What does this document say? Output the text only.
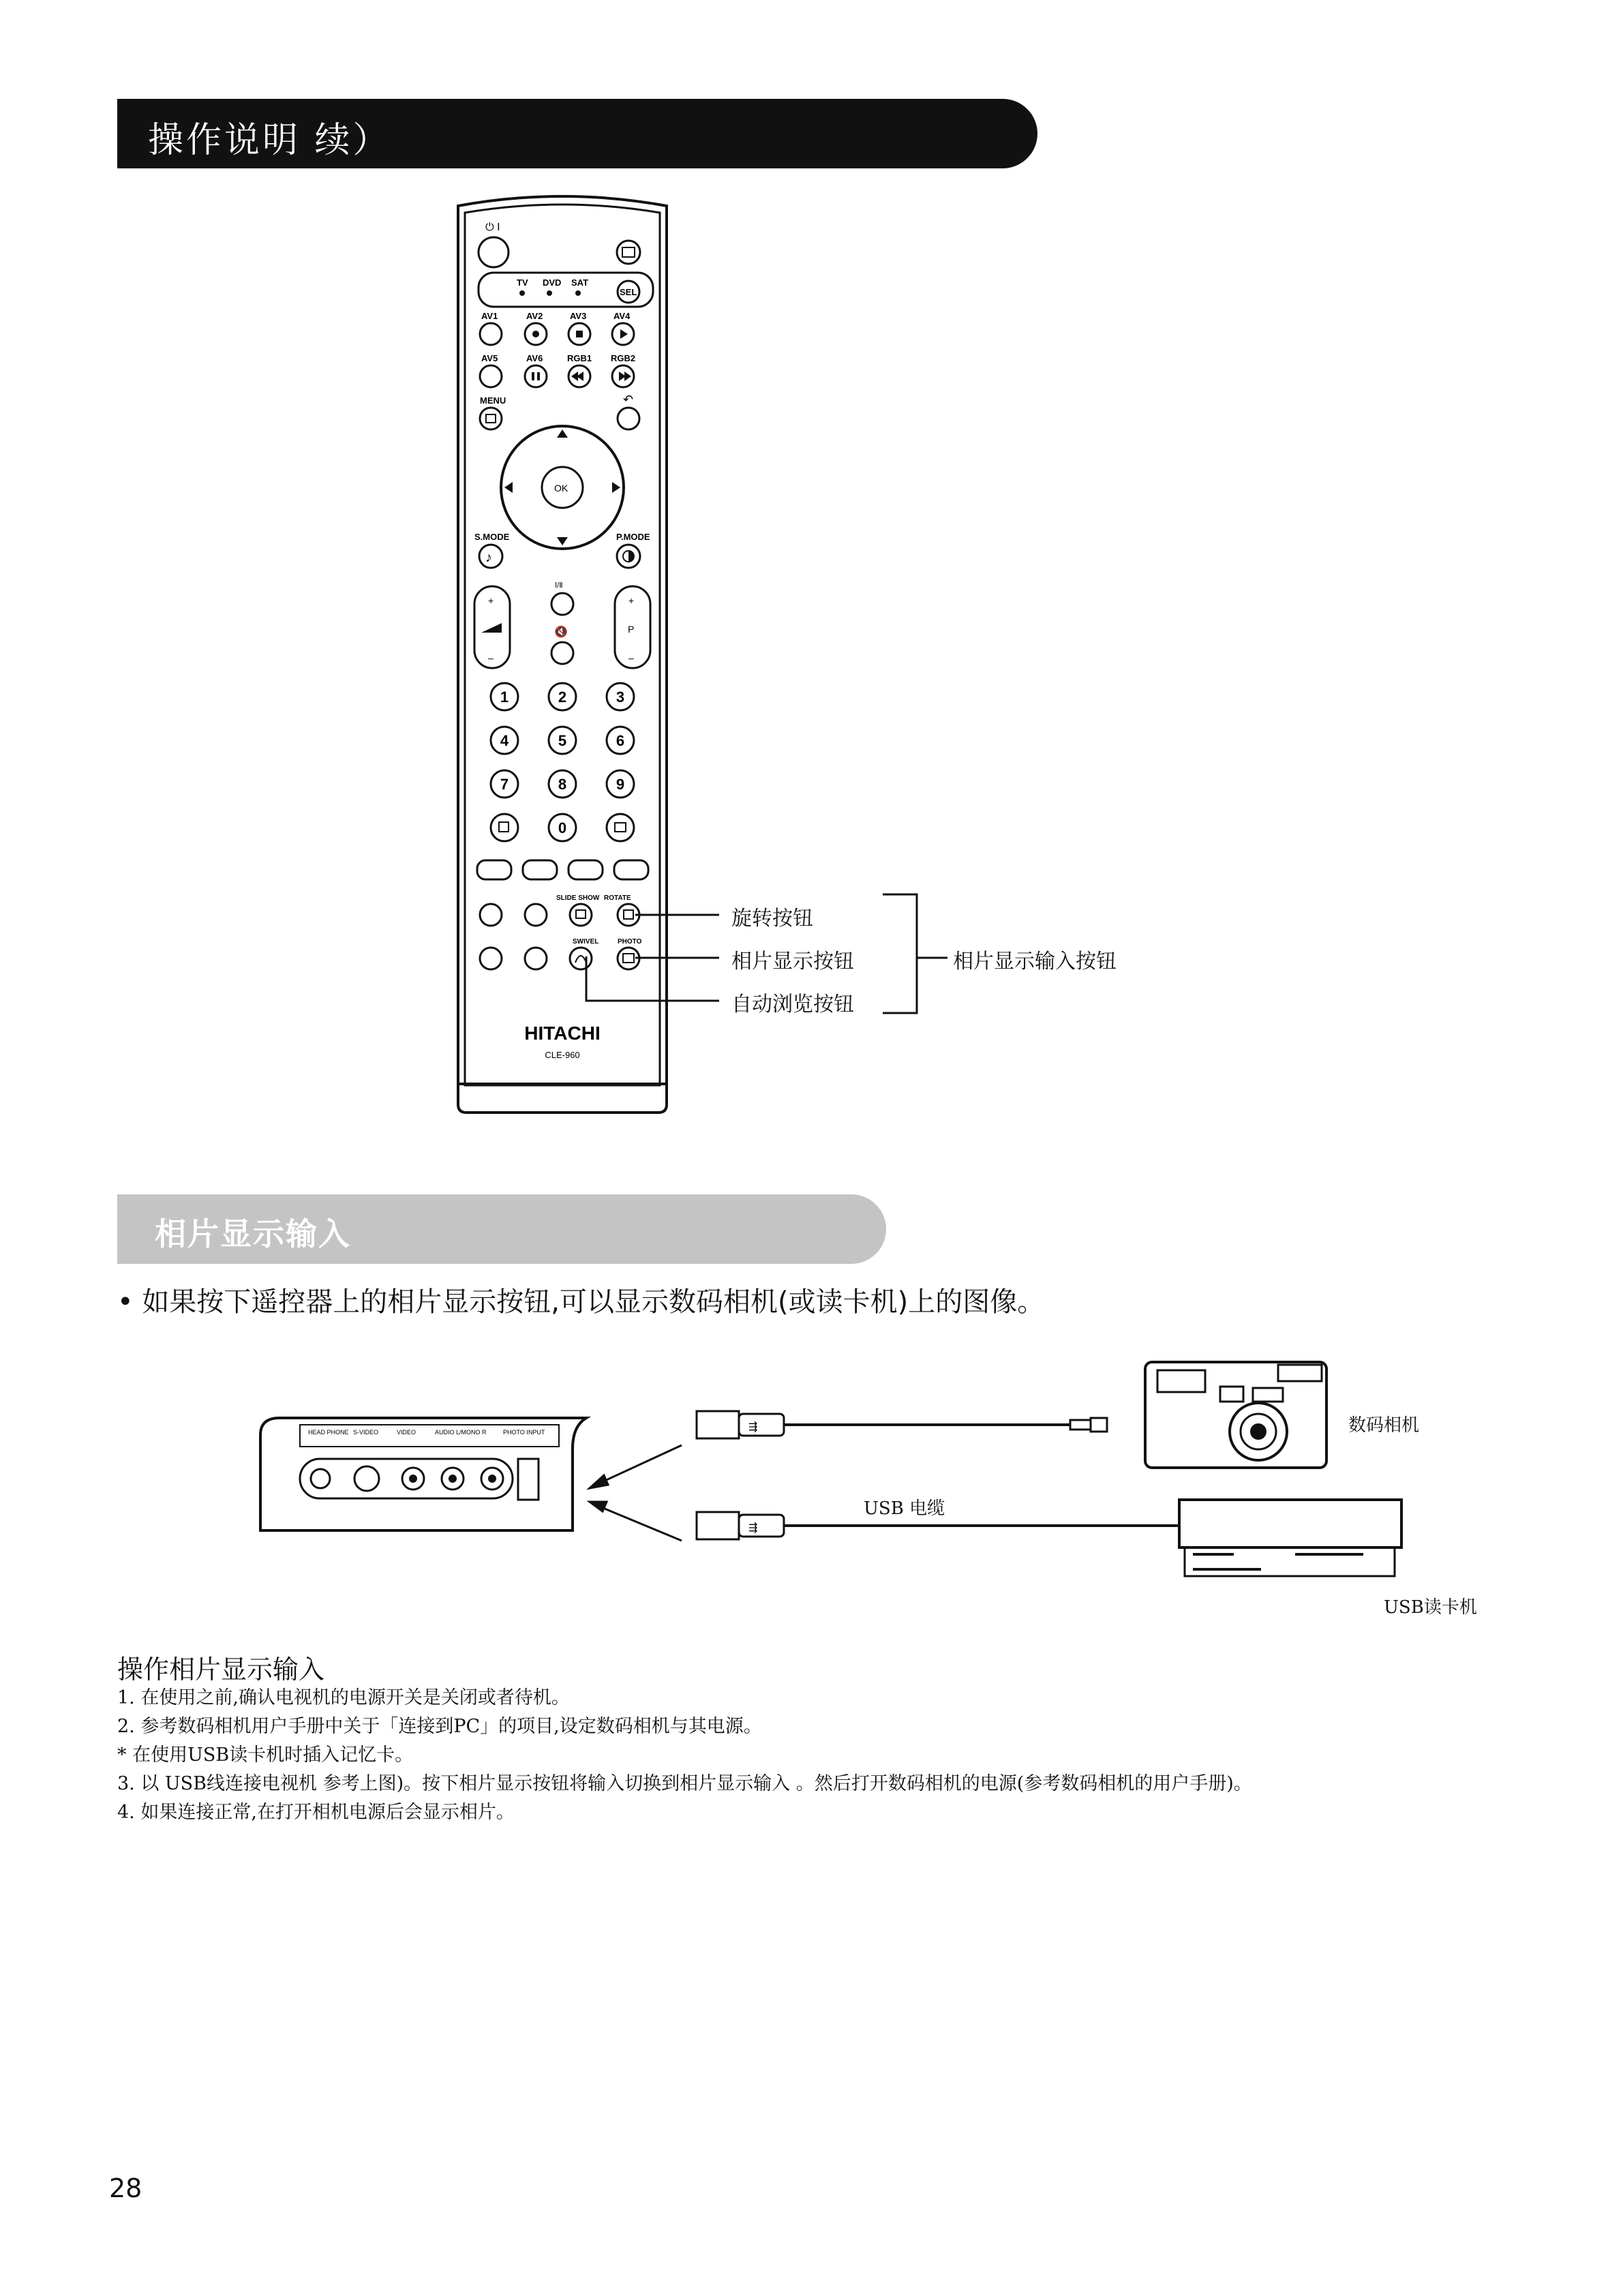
操作说明 续）
⏻ I
TV DVD SAT
SEL
AV1	AV2	AV3	AV4
AV5	AV6	RGB1 RGB2
MENU	↶
OK
S.MODE	P.MODE
♪
+
–
+
P
–
Ⅰ/Ⅱ
🔇
1	2	3
4	5	6
7	8	9
0
SLIDE SHOW ROTATE
SWIVEL	PHOTO
HITACHI
CLE-960
旋转按钮
相片显示按钮
自动浏览按钮
相片显示输入按钮
相片显示输入
• 如果按下遥控器上的相片显示按钮,可以显示数码相机(或读卡机)上的图像。
HEAD PHONE S-VIDEO	VIDEO	AUDIO L/MONO R	PHOTO INPUT	⇶
⇶
数码相机
USB 电缆
USB读卡机
操作相片显示输入
1. 在使用之前,确认电视机的电源开关是关闭或者待机。
2. 参考数码相机用户手册中关于「连接到PC」的项目,设定数码相机与其电源。
* 在使用USB读卡机时插入记忆卡。
3. 以 USB线连接电视机 参考上图)。按下相片显示按钮将输入切换到相片显示输入 。然后打开数码相机的电源(参考数码相机的用户手册)。
4. 如果连接正常,在打开相机电源后会显示相片。
28
